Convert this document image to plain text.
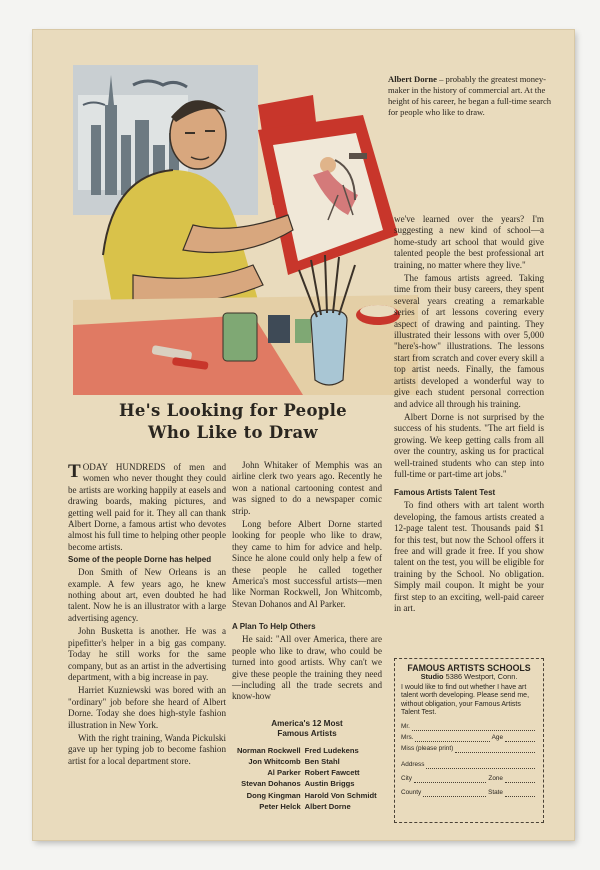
Albert Dorne – probably the greatest money-maker in the history of commercial art. At the height of his career, he began a full-time search for people who like to draw.
He's Looking for People
Who Like to Draw

TODAY HUNDREDS of men and women who never thought they could be artists are working happily at easels and drawing boards, making pictures, and getting well paid for it. They all can thank Albert Dorne, a famous artist who devotes almost his full time to helping other people become artists.

Some of the people Dorne has helped

Don Smith of New Orleans is an example. A few years ago, he knew nothing about art, even doubted he had talent. Now he is an illustrator with a large advertising agency.

John Busketta is another. He was a pipefitter's helper in a big gas company. Today he still works for the same company, but as an artist in the advertising department, with a big increase in pay.

Harriet Kuzniewski was bored with an "ordinary" job before she heard of Albert Dorne. Today she does high-style fashion illustration in New York.

With the right training, Wanda Pickulski gave up her typing job to become fashion artist for a local department store.

John Whitaker of Memphis was an airline clerk two years ago. Recently he won a national cartooning contest and was signed to do a newspaper comic strip.

Long before Albert Dorne started looking for people who like to draw, they came to him for advice and help. Since he alone could only help a few of these people he called together America's most successful artists—men like Norman Rockwell, Jon Whitcomb, Stevan Dohanos and Al Parker.

A Plan To Help Others

He said: "All over America, there are people who like to draw, who could be turned into good artists. Why can't we give these people the training they need—including all the trade secrets and know-how

America's 12 Most
Famous Artists
Norman Rockwell	Fred Ludekens
Jon Whitcomb	Ben Stahl
Al Parker	Robert Fawcett
Stevan Dohanos	Austin Briggs
Dong Kingman	Harold Von Schmidt
Peter Helck	Albert Dorne

we've learned over the years? I'm suggesting a new kind of school—a home-study art school that would give talented people the best professional art training, no matter where they live."

The famous artists agreed. Taking time from their busy careers, they spent several years creating a remarkable series of art lessons covering every aspect of drawing and painting. They illustrated their lessons with over 5,000 "here's-how" illustrations. The lessons start from scratch and cover every skill a top artist needs. Finally, the famous artists developed a wonderful way to give each student personal correction and advice all through his training.

Albert Dorne is not surprised by the success of his students. "The art field is growing. We keep getting calls from all over the country, asking us for practical well-trained students who can step into full-time or part-time art jobs."

Famous Artists Talent Test

To find others with art talent worth developing, the famous artists created a 12-page talent test. Thousands paid $1 for this test, but now the School offers it free and will grade it free. If you show talent on the test, you will be eligible for training by the School. No obligation. Simply mail coupon. It might be your first step to an exciting, well-paid career in art.

FAMOUS ARTISTS SCHOOLS
Studio 5386 Westport, Conn.
I would like to find out whether I have art talent worth developing. Please send me, without obligation, your Famous Artists Talent Test.
Mr.
Mrs.	Age
Miss
(please print)
Address
City	Zone
County	State
